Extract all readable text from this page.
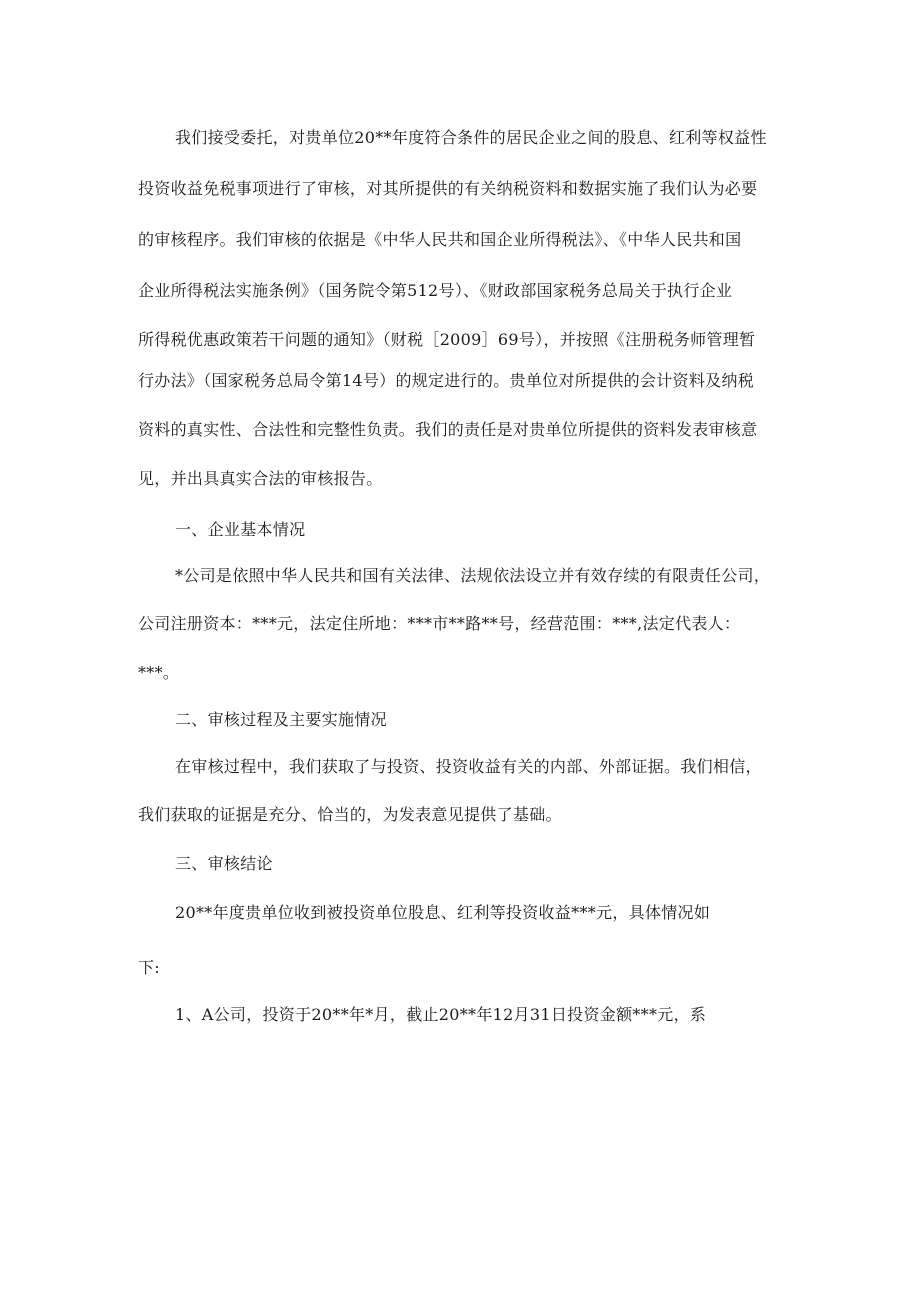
我们接受委托，对贵单位20**年度符合条件的居民企业之间的股息、红利等权益性
投资收益免税事项进行了审核，对其所提供的有关纳税资料和数据实施了我们认为必要
的审核程序。我们审核的依据是《中华人民共和国企业所得税法》、《中华人民共和国
企业所得税法实施条例》（国务院令第512号）、《财政部国家税务总局关于执行企业
所得税优惠政策若干问题的通知》（财税［2009］69号），并按照《注册税务师管理暂
行办法》（国家税务总局令第14号）的规定进行的。贵单位对所提供的会计资料及纳税
资料的真实性、合法性和完整性负责。我们的责任是对贵单位所提供的资料发表审核意
见，并出具真实合法的审核报告。
一、企业基本情况
*公司是依照中华人民共和国有关法律、法规依法设立并有效存续的有限责任公司，
公司注册资本：***元，法定住所地：***市**路**号，经营范围：***,法定代表人：
***。
二、审核过程及主要实施情况
在审核过程中，我们获取了与投资、投资收益有关的内部、外部证据。我们相信，
我们获取的证据是充分、恰当的，为发表意见提供了基础。
三、审核结论
20**年度贵单位收到被投资单位股息、红利等投资收益***元，具体情况如
下:
1、A公司，投资于20**年*月，截止20**年12月31日投资金额***元，系
